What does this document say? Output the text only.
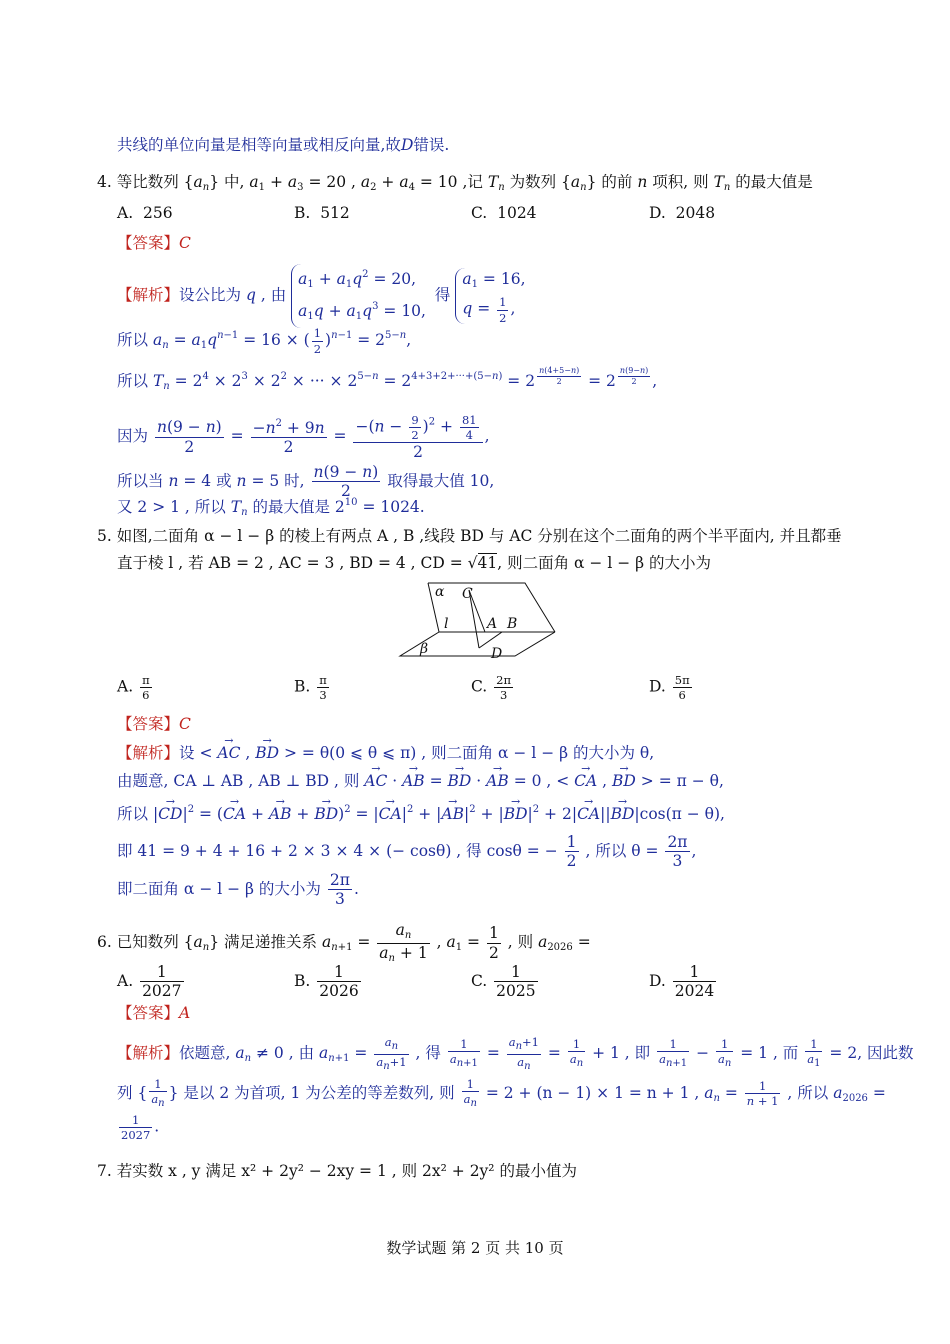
共线的单位向量是相等向量或相反向量,故D错误.
4. 等比数列 $\{a_n\}$ 中, $a_1 + a_3 = 20$ , $a_2 + a_4 = 10$ ,记 $T_n$ 为数列 $\{a_n\}$ 的前 n 项积, 则 $T_n$ 的最大值是
A. 256	B. 512	C. 1024	D. 2048
【答案】C
【解析】设公比为 q , 由
$a_1 + a_1q^2 = 20$,
$a_1q + a_1q^3 = 10$,
得
$a_1 = 16$,
$q = \frac{1}{2}$ ,
所以 $a_n = a_1q^{n-1} = 16$ × ( $\frac{1}{2} )^{n-1} = 2^{5-n}$,
所以 $T_n = 2^4 \times 2^3 \times 2^2$ × ··· × $2^{5-n} = 2^{4+3+2+\cdot\cdot\cdot+(5-n)} = 2$ $^{\frac{n(4+5-n)}{2}}$ = 2 $^{\frac{n(9-n)}{2}}$ ,
因为 $\frac{n(9 - n)}{2} = \frac{-n^2 + 9n}{2} = \frac{-(n - \frac{9}{2} )^2 + \frac{81}{4}}{2}$ ,
所以当 n = 4 或 n = 5 时, $\frac{n(9 - n)}{2}$ 取得最大值 10,
又 2 > 1 , 所以 $T_n$ 的最大值是 $2^{10} = 1024$.
5. 如图,二面角 α − l − β 的棱上有两点 A , B ,线段 BD 与 AC 分别在这个二面角的两个半平面内, 并且都垂
直于棱 l , 若 AB = 2 , AC = 3 , BD = 4 , CD = √41, 则二面角 α − l − β 的大小为
α C
l	A B
β	D
A. $\frac{\pi}{6}$	B. $\frac{\pi}{3}$	C. $\frac{2\pi}{3}$	D. $\frac{5\pi}{6}$
【答案】C
【解析】设 < → AC , → BD > = θ(0 ⩽ θ ⩽ π) , 则二面角 α − l − β 的大小为 θ,
由题意, CA ⊥ AB , AB ⊥ BD , 则 → AC · → AB = → BD · → AB = 0 , < → CA , → BD > = π − θ,
所以 |→ $CD|^2$ = (→ CA + → AB + → BD)$^2$ = |→ $CA|^2$ + |→ $AB|^2$ + |→ $BD|^2 + 2|\to CA||\to BD|\cos(\pi - \theta)$,
即 41 = 9 + 4 + 16 + 2 × 3 × 4 × (− cosθ) , 得 cosθ = − $\frac{1}{2}$ , 所以 $\theta = \frac{2\pi}{3}$ ,
即二面角 α − l − β 的大小为 $\frac{2\pi}{3}$ .
6. 已知数列 $\{a_n\}$ 满足递推关系 $a_{n+1} = \frac{a_n}{a_n + 1}$ , $a_1 = \frac{1}{2}$ , 则 $a_{2026}$ =
A. $\frac{1}{2027}$	B. $\frac{1}{2026}$	C. $\frac{1}{2025}$	D. $\frac{1}{2024}$
【答案】A
【解析】依题意, $a_n \ne 0$ , 由 $a_{n+1} = \frac{an}{an+1}$ , 得 $\frac{1}{an+1} = \frac{an+1}{an} = \frac{1}{an} + 1$ , 即 $\frac{1}{an+1} - \frac{1}{an} = 1$ , 而 $\frac{1}{a1} = 2$, 因此数
列 { $\frac{1}{an}$ } 是以 2 为首项, 1 为公差的等差数列, 则 $\frac{1}{an} = 2 + (n - 1) \times 1 = n + 1$ , $a_n = \frac{1}{n + 1}$ , 所以 $a_{2026}$ =
$\frac{1}{2027}$ .
7. 若实数 x , y 满足 x² + 2y² − 2xy = 1 , 则 2x² + 2y² 的最小值为
数学试题 第 2 页 共 10 页
